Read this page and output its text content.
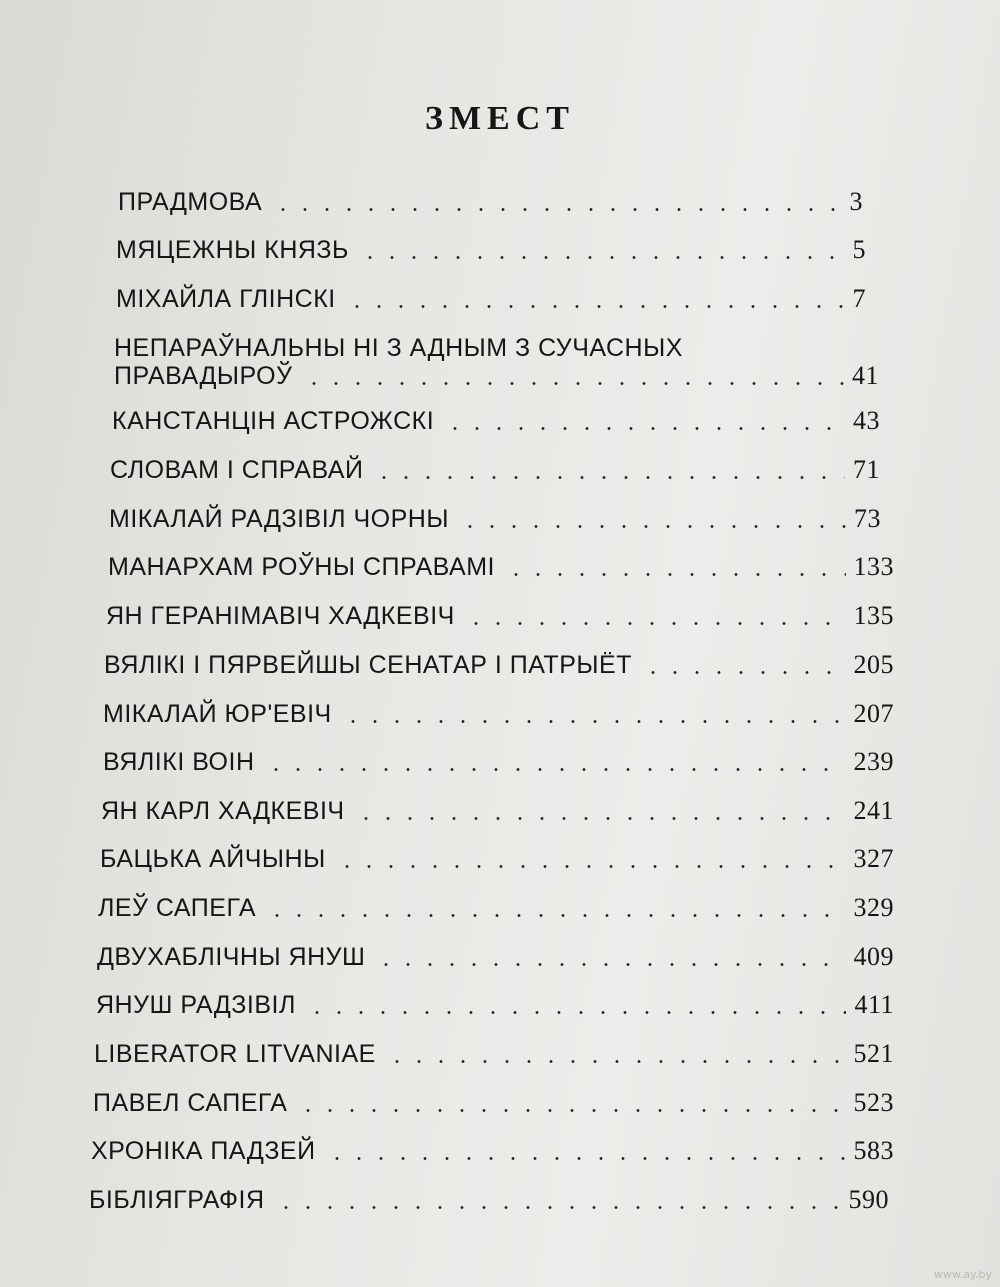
ЗМЕСТ
ПРАДМОВА	3
МЯЦЕЖНЫ КНЯЗЬ	5
МІХАЙЛА ГЛІНСКІ	7
НЕПАРАЎНАЛЬНЫ НІ З АДНЫМ З СУЧАСНЫХ
ПРАВАДЫРОЎ	41
КАНСТАНЦІН АСТРОЖСКІ	43
СЛОВАМ І СПРАВАЙ	71
МІКАЛАЙ РАДЗІВІЛ ЧОРНЫ	73
МАНАРХАМ РОЎНЫ СПРАВАМІ	133
ЯН ГЕРАНІМАВІЧ ХАДКЕВІЧ	135
ВЯЛІКІ І ПЯРВЕЙШЫ СЕНАТАР І ПАТРЫЁТ	205
МІКАЛАЙ ЮР'ЕВІЧ	207
ВЯЛІКІ ВОІН	239
ЯН КАРЛ ХАДКЕВІЧ	241
БАЦЬКА АЙЧЫНЫ	327
ЛЕЎ САПЕГА	329
ДВУХАБЛІЧНЫ ЯНУШ	409
ЯНУШ РАДЗІВІЛ	411
LIBERATOR LITVANIAE	521
ПАВЕЛ САПЕГА	523
ХРОНІКА ПАДЗЕЙ	583
БІБЛІЯГРАФІЯ	590
www.ay.by
